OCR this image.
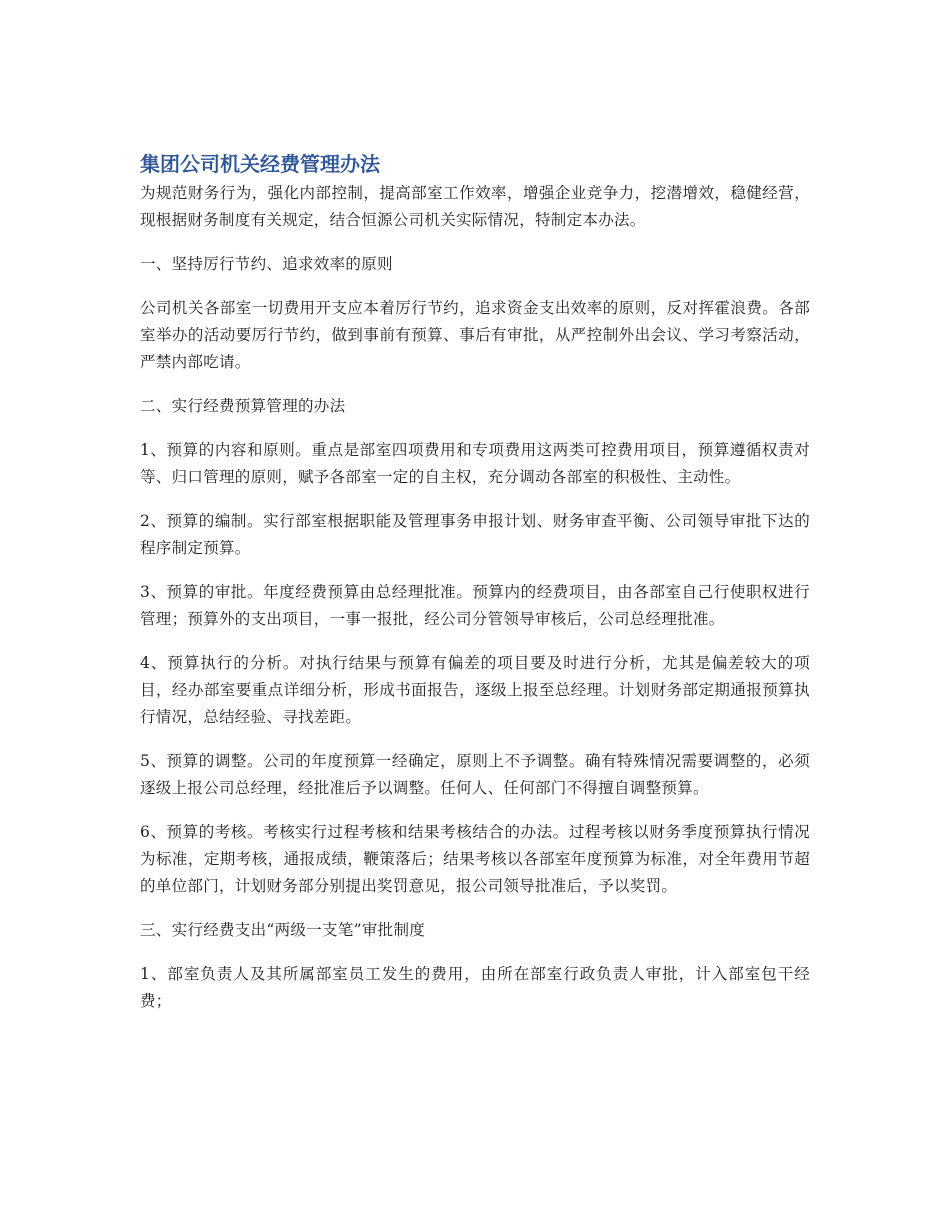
集团公司机关经费管理办法

为规范财务行为，强化内部控制，提高部室工作效率，增强企业竞争力，挖潜增效，稳健经营，现根据财务制度有关规定，结合恒源公司机关实际情况，特制定本办法。

一、坚持厉行节约、追求效率的原则

公司机关各部室一切费用开支应本着厉行节约，追求资金支出效率的原则，反对挥霍浪费。各部室举办的活动要厉行节约，做到事前有预算、事后有审批，从严控制外出会议、学习考察活动，严禁内部吃请。

二、实行经费预算管理的办法

1、预算的内容和原则。重点是部室四项费用和专项费用这两类可控费用项目，预算遵循权责对等、归口管理的原则，赋予各部室一定的自主权，充分调动各部室的积极性、主动性。

2、预算的编制。实行部室根据职能及管理事务申报计划、财务审查平衡、公司领导审批下达的程序制定预算。

3、预算的审批。年度经费预算由总经理批准。预算内的经费项目，由各部室自己行使职权进行管理；预算外的支出项目，一事一报批，经公司分管领导审核后，公司总经理批准。

4、预算执行的分析。对执行结果与预算有偏差的项目要及时进行分析，尤其是偏差较大的项目，经办部室要重点详细分析，形成书面报告，逐级上报至总经理。计划财务部定期通报预算执行情况，总结经验、寻找差距。

5、预算的调整。公司的年度预算一经确定，原则上不予调整。确有特殊情况需要调整的，必须逐级上报公司总经理，经批准后予以调整。任何人、任何部门不得擅自调整预算。

6、预算的考核。考核实行过程考核和结果考核结合的办法。过程考核以财务季度预算执行情况为标准，定期考核，通报成绩，鞭策落后；结果考核以各部室年度预算为标准，对全年费用节超的单位部门，计划财务部分别提出奖罚意见，报公司领导批准后，予以奖罚。

三、实行经费支出“两级一支笔”审批制度

1、部室负责人及其所属部室员工发生的费用，由所在部室行政负责人审批，计入部室包干经费；
